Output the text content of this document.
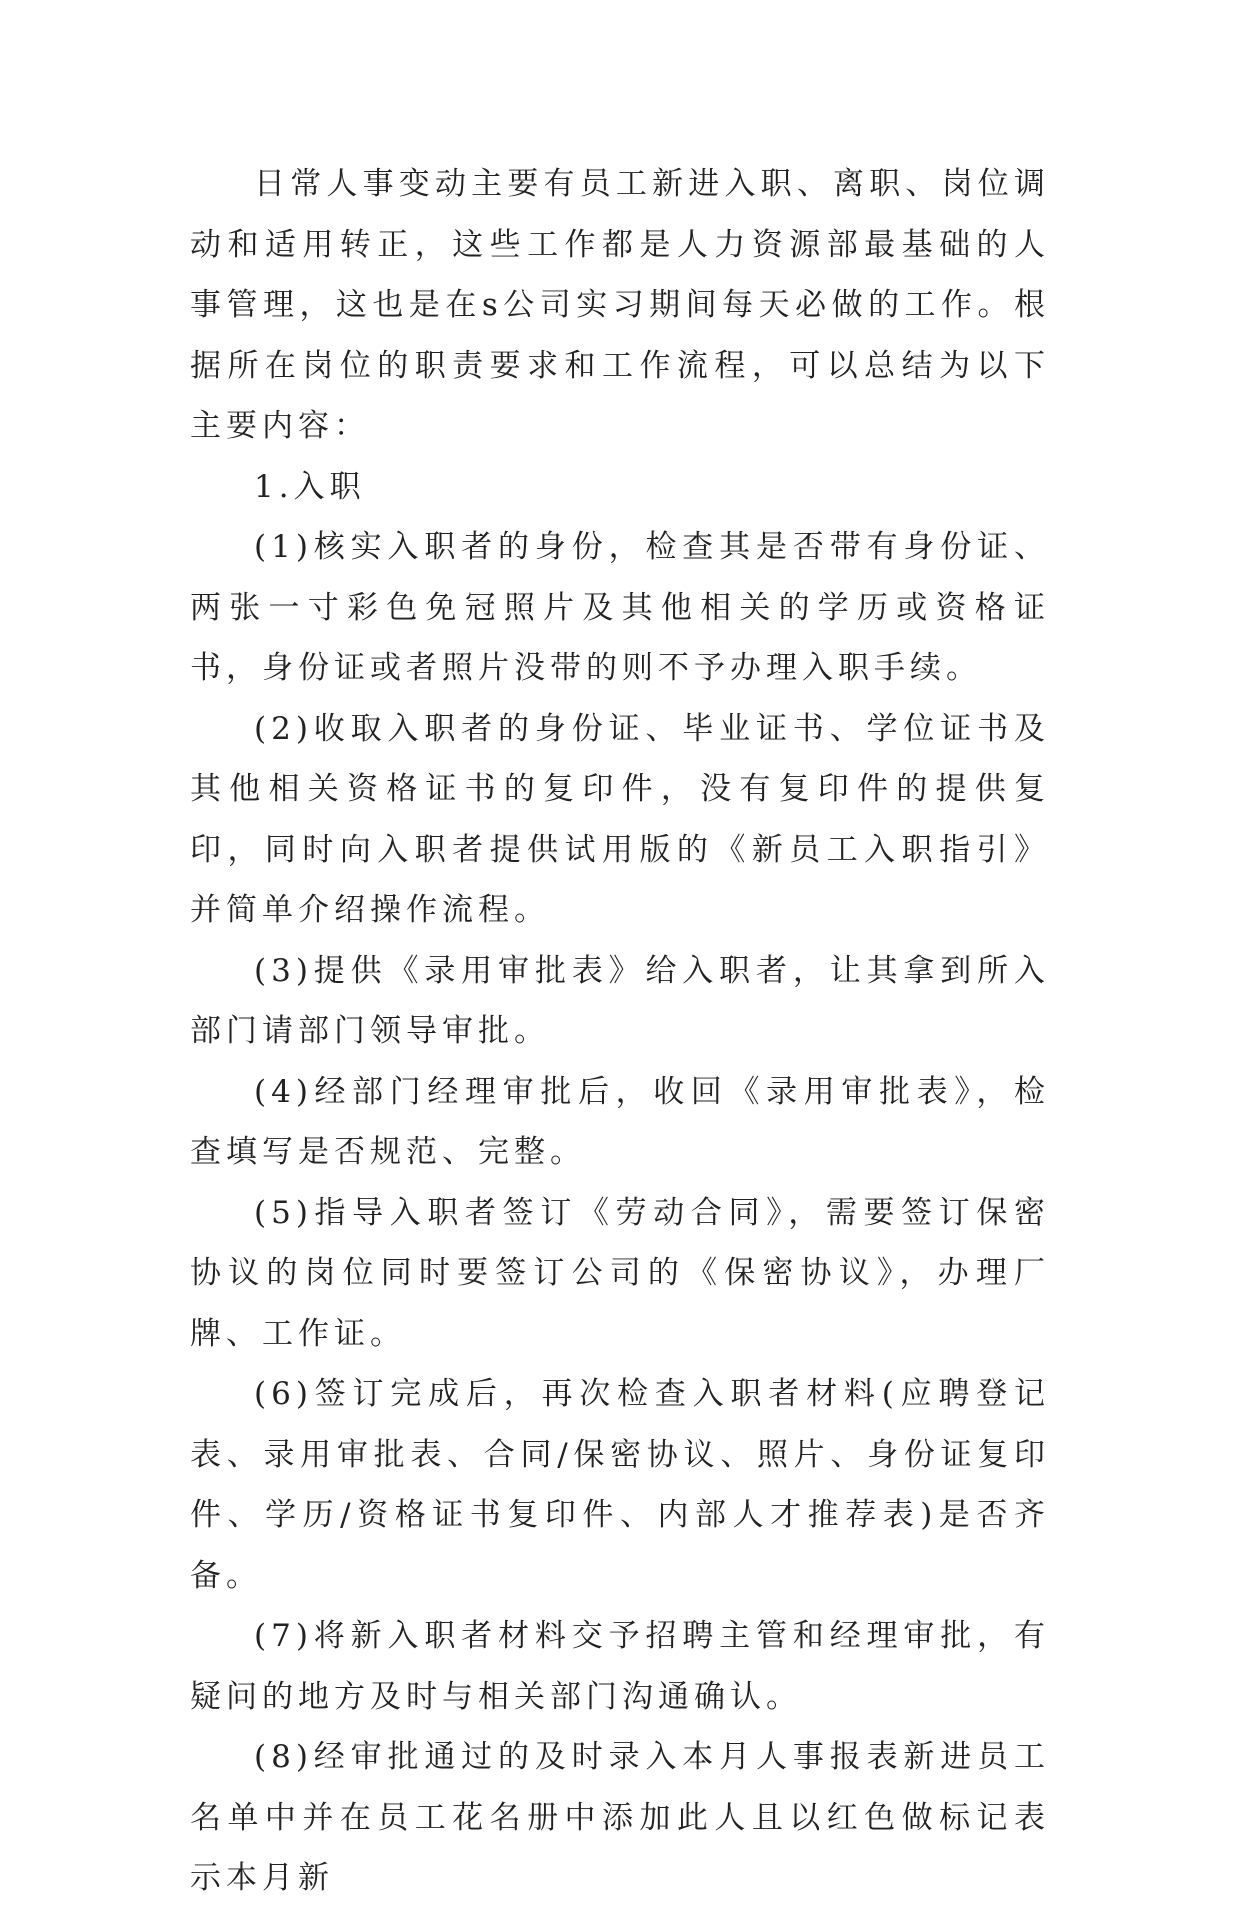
日常人事变动主要有员工新进入职、离职、岗位调动和适用转正，这些工作都是人力资源部最基础的人事管理，这也是在s公司实习期间每天必做的工作。根据所在岗位的职责要求和工作流程，可以总结为以下主要内容：

1.入职

(1)核实入职者的身份，检查其是否带有身份证、两张一寸彩色免冠照片及其他相关的学历或资格证书，身份证或者照片没带的则不予办理入职手续。

(2)收取入职者的身份证、毕业证书、学位证书及其他相关资格证书的复印件，没有复印件的提供复印，同时向入职者提供试用版的《新员工入职指引》并简单介绍操作流程。

(3)提供《录用审批表》给入职者，让其拿到所入部门请部门领导审批。

(4)经部门经理审批后，收回《录用审批表》，检查填写是否规范、完整。

(5)指导入职者签订《劳动合同》，需要签订保密协议的岗位同时要签订公司的《保密协议》，办理厂牌、工作证。

(6)签订完成后，再次检查入职者材料(应聘登记表、录用审批表、合同/保密协议、照片、身份证复印件、学历/资格证书复印件、内部人才推荐表)是否齐备。

(7)将新入职者材料交予招聘主管和经理审批，有疑问的地方及时与相关部门沟通确认。

(8)经审批通过的及时录入本月人事报表新进员工名单中并在员工花名册中添加此人且以红色做标记表示本月新
